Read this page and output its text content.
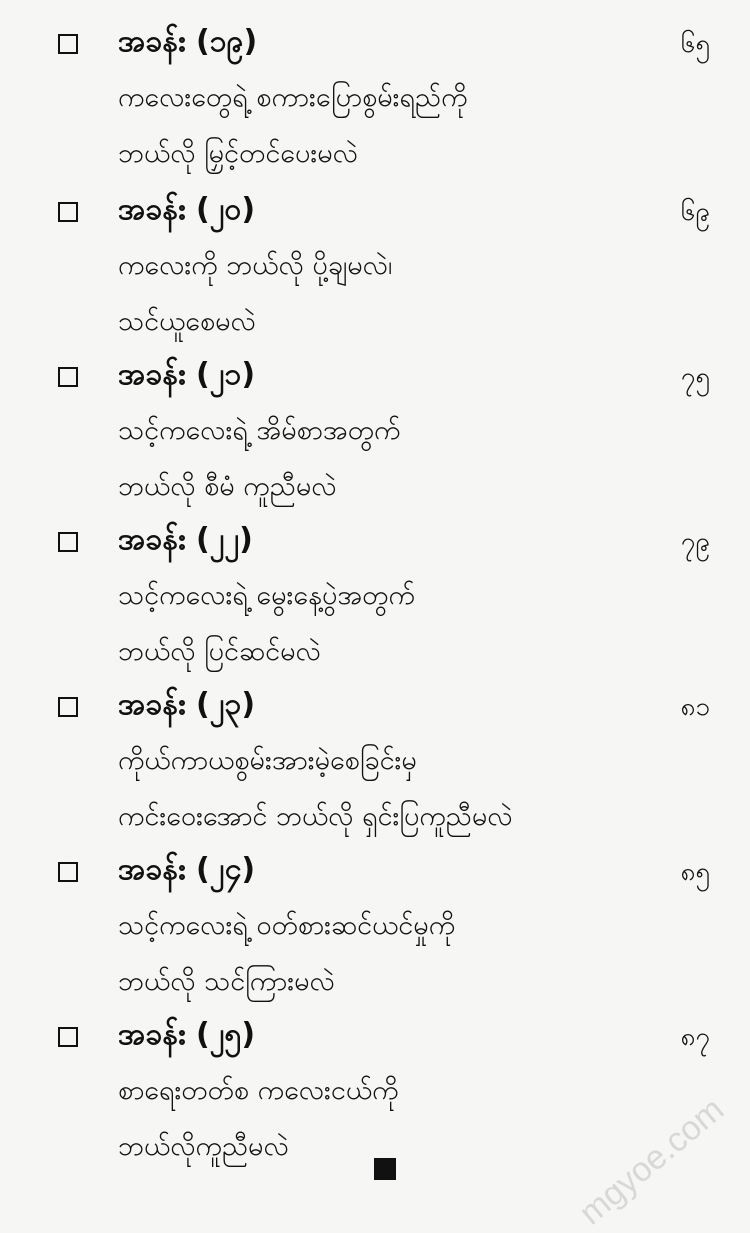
အခန်း (၁၉)	၆၅
ကလေးတွေရဲ့ စကားပြောစွမ်းရည်ကို
ဘယ်လို မြှင့်တင်ပေးမလဲ
အခန်း (၂၀)	၆၉
ကလေးကို ဘယ်လို ပို့ချမလဲ၊
သင်ယူစေမလဲ
အခန်း (၂၁)	၇၅
သင့်ကလေးရဲ့ အိမ်စာအတွက်
ဘယ်လို စီမံ ကူညီမလဲ
အခန်း (၂၂)	၇၉
သင့်ကလေးရဲ့ မွေးနေ့ပွဲအတွက်
ဘယ်လို ပြင်ဆင်မလဲ
အခန်း (၂၃)	၈၁
ကိုယ်ကာယစွမ်းအားမဲ့စေခြင်းမှ
ကင်းဝေးအောင် ဘယ်လို ရှင်းပြကူညီမလဲ
အခန်း (၂၄)	၈၅
သင့်ကလေးရဲ့ ဝတ်စားဆင်ယင်မှုကို
ဘယ်လို သင်ကြားမလဲ
အခန်း (၂၅)	၈၇
စာရေးတတ်စ ကလေးငယ်ကို
ဘယ်လိုကူညီမလဲ	mgyoe.com
